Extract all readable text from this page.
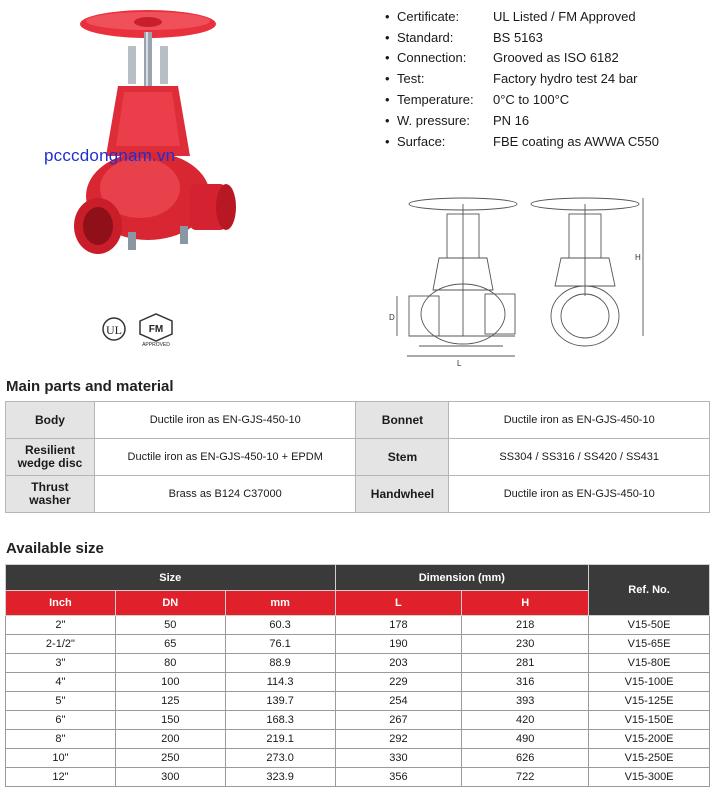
pcccdongnam.vn
UL	FM
APPROVED
• Certificate:	UL Listed / FM Approved
• Standard:	BS 5163
• Connection:	Grooved as ISO 6182
• Test:	Factory hydro test 24 bar
• Temperature:	0°C to 100°C
• W. pressure:	PN 16
• Surface:	FBE coating as AWWA C550
D
L
H
Main parts and material
Body	Ductile iron as EN-GJS-450-10	Bonnet	Ductile iron as EN-GJS-450-10
Resilient wedge disc	Ductile iron as EN-GJS-450-10 + EPDM	Stem	SS304 / SS316 / SS420 / SS431
Thrust washer	Brass as B124 C37000	Handwheel	Ductile iron as EN-GJS-450-10
Available size
Size			Dimension (mm)		Ref. No.
Inch	DN	mm	L	H	
2"	50	60.3	178	218	V15-50E
2-1/2"	65	76.1	190	230	V15-65E
3"	80	88.9	203	281	V15-80E
4"	100	114.3	229	316	V15-100E
5"	125	139.7	254	393	V15-125E
6"	150	168.3	267	420	V15-150E
8"	200	219.1	292	490	V15-200E
10"	250	273.0	330	626	V15-250E
12"	300	323.9	356	722	V15-300E
